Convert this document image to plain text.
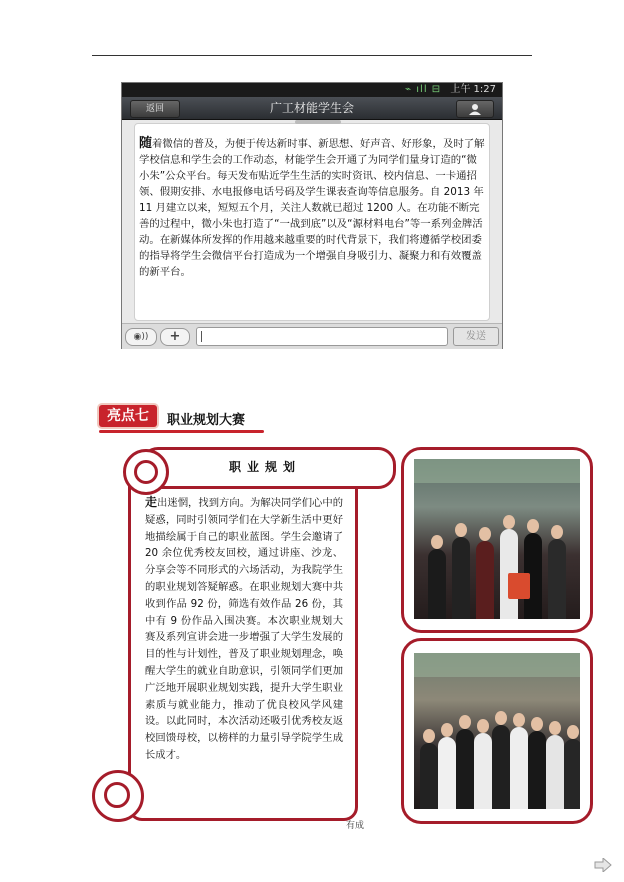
⌁ ıll ⊟ 上午 1:27
广工材能学生会
返回
随着微信的普及，为便于传达新时事、新思想、好声音、好形象，及时了解学校信息和学生会的工作动态，材能学生会开通了为同学们量身订造的“微小朱”公众平台。每天发布贴近学生生活的实时资讯、校内信息、一卡通招领、假期安排、水电报修电话号码及学生课表查询等信息服务。自 2013 年 11 月建立以来，短短五个月，关注人数就已超过 1200 人。在功能不断完善的过程中，微小朱也打造了“一战到底”以及“源材料电台”等一系列金牌活动。在新媒体所发挥的作用越来越重要的时代背景下，我们将遵循学校团委的指导将学生会微信平台打造成为一个增强自身吸引力、凝聚力和有效覆盖的新平台。
◉))	+	发送
亮点七	职业规划大赛
职业规划
走出迷惘，找到方向。为解决同学们心中的疑惑，同时引领同学们在大学新生活中更好地描绘属于自己的职业蓝图。学生会邀请了 20 余位优秀校友回校，通过讲座、沙龙、分享会等不同形式的六场活动，为我院学生的职业规划答疑解惑。在职业规划大赛中共收到作品 92 份，筛选有效作品 26 份，其中有 9 份作品入围决赛。本次职业规划大赛及系列宣讲会进一步增强了大学生发展的目的性与计划性，普及了职业规划理念，唤醒大学生的就业自助意识，引领同学们更加广泛地开展职业规划实践，提升大学生职业素质与就业能力，推动了优良校风学风建设。以此同时，本次活动还吸引优秀校友返校回馈母校，以榜样的力量引导学院学生成长成才。
有成
